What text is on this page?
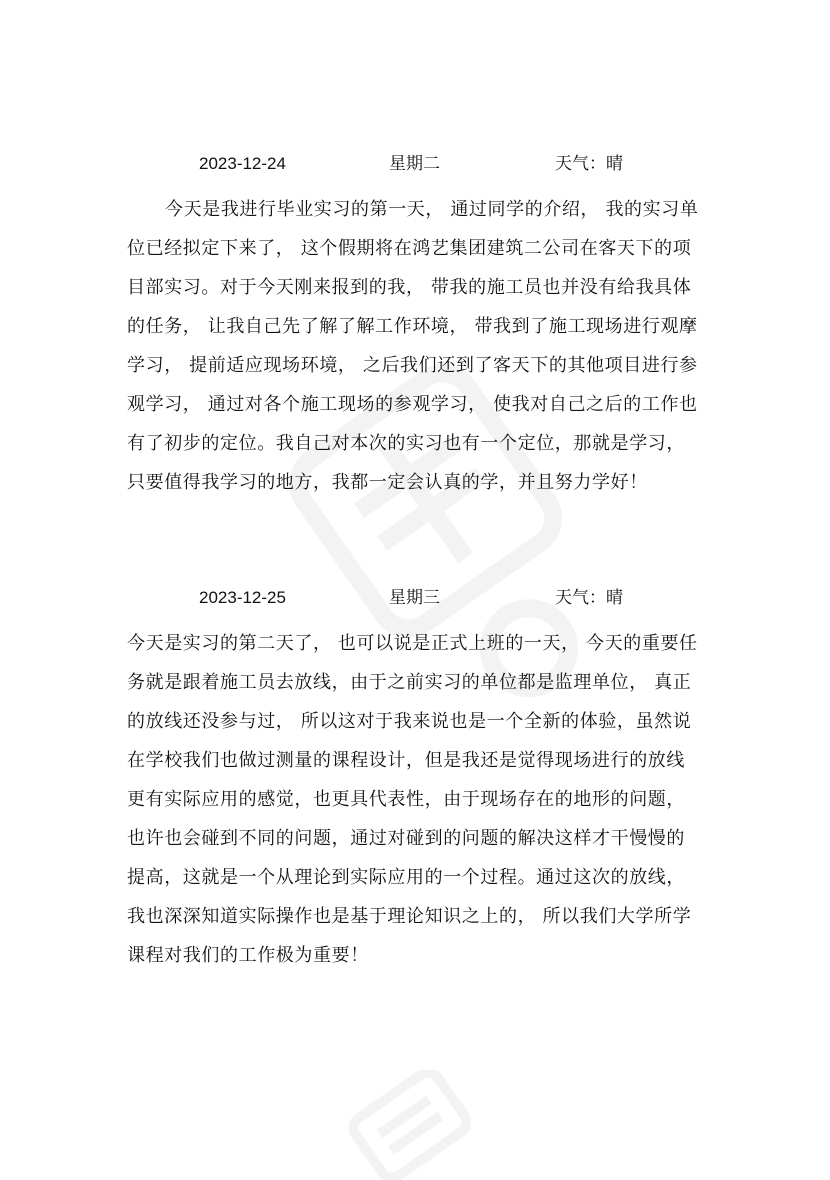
2023-12-24	星期二	天气：晴
今天是我进行毕业实习的第一天， 通过同学的介绍， 我的实习单
位已经拟定下来了， 这个假期将在鸿艺集团建筑二公司在客天下的项
目部实习。对于今天刚来报到的我， 带我的施工员也并没有给我具体
的任务， 让我自己先了解了解工作环境， 带我到了施工现场进行观摩
学习， 提前适应现场环境， 之后我们还到了客天下的其他项目进行参
观学习， 通过对各个施工现场的参观学习， 使我对自己之后的工作也
有了初步的定位。我自己对本次的实习也有一个定位，那就是学习，
只要值得我学习的地方，我都一定会认真的学，并且努力学好！
2023-12-25	星期三	天气：晴
今天是实习的第二天了， 也可以说是正式上班的一天， 今天的重要任
务就是跟着施工员去放线，由于之前实习的单位都是监理单位， 真正
的放线还没参与过， 所以这对于我来说也是一个全新的体验，虽然说
在学校我们也做过测量的课程设计，但是我还是觉得现场进行的放线
更有实际应用的感觉，也更具代表性，由于现场存在的地形的问题，
也许也会碰到不同的问题，通过对碰到的问题的解决这样才干慢慢的
提高，这就是一个从理论到实际应用的一个过程。通过这次的放线，
我也深深知道实际操作也是基于理论知识之上的， 所以我们大学所学
课程对我们的工作极为重要！
